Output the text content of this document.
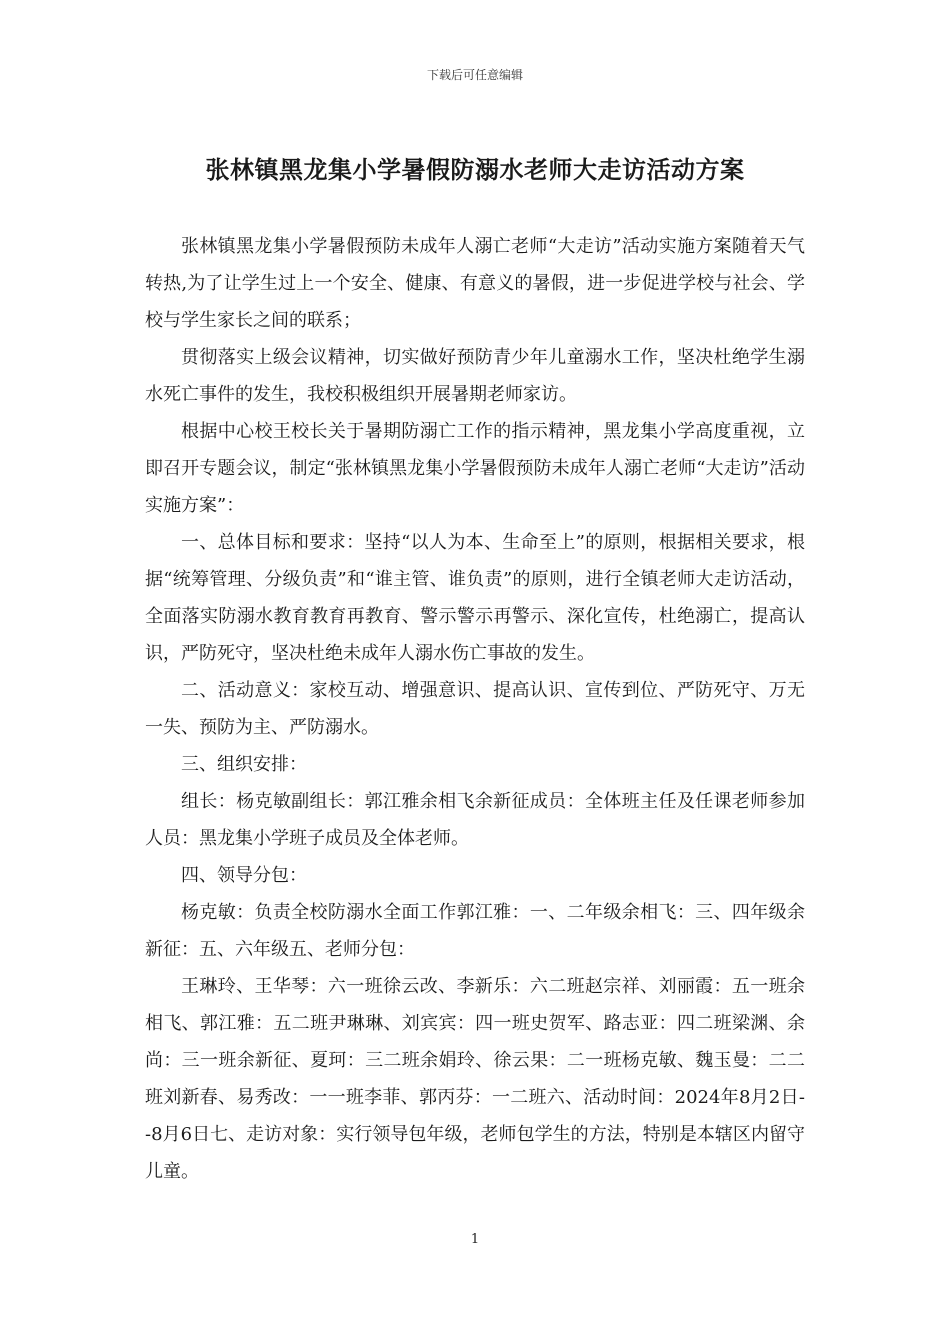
下载后可任意编辑
张林镇黑龙集小学暑假防溺水老师大走访活动方案

张林镇黑龙集小学暑假预防未成年人溺亡老师“大走访”活动实施方案随着天气转热,为了让学生过上一个安全、健康、有意义的暑假，进一步促进学校与社会、学校与学生家长之间的联系；

贯彻落实上级会议精神，切实做好预防青少年儿童溺水工作，坚决杜绝学生溺水死亡事件的发生，我校积极组织开展暑期老师家访。

根据中心校王校长关于暑期防溺亡工作的指示精神，黑龙集小学高度重视，立即召开专题会议，制定“张林镇黑龙集小学暑假预防未成年人溺亡老师“大走访”活动实施方案”：

一、总体目标和要求：坚持“以人为本、生命至上”的原则，根据相关要求，根据“统筹管理、分级负责”和“谁主管、谁负责”的原则，进行全镇老师大走访活动，全面落实防溺水教育教育再教育、警示警示再警示、深化宣传，杜绝溺亡，提高认识，严防死守，坚决杜绝未成年人溺水伤亡事故的发生。

二、活动意义：家校互动、增强意识、提高认识、宣传到位、严防死守、万无一失、预防为主、严防溺水。

三、组织安排：

组长：杨克敏副组长：郭江雅余相飞余新征成员：全体班主任及任课老师参加人员：黑龙集小学班子成员及全体老师。

四、领导分包：

杨克敏：负责全校防溺水全面工作郭江雅：一、二年级余相飞：三、四年级余新征：五、六年级五、老师分包：

王琳玲、王华琴：六一班徐云改、李新乐：六二班赵宗祥、刘丽霞：五一班余相飞、郭江雅：五二班尹琳琳、刘宾宾：四一班史贺军、路志亚：四二班梁渊、余尚：三一班余新征、夏珂：三二班余娟玲、徐云果：二一班杨克敏、魏玉曼：二二班刘新春、易秀改：一一班李菲、郭丙芬：一二班六、活动时间：2024年8月2日--8月6日七、走访对象：实行领导包年级，老师包学生的方法，特别是本辖区内留守儿童。

1
